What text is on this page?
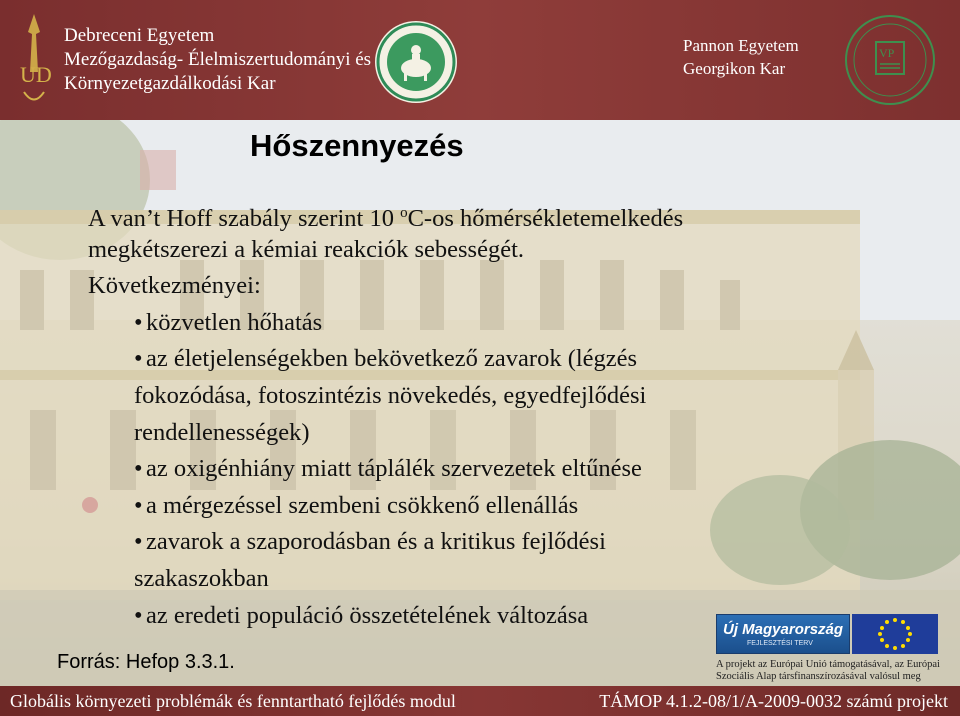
UD
Debreceni Egyetem
Mezőgazdaság- Élelmiszertudományi és
Környezetgazdálkodási Kar
Pannon Egyetem
Georgikon Kar
VP
Hőszennyezés
A van’t Hoff szabály szerint 10 $^o$C-os hőmérsékletemelkedés
megkétszerezi a kémiai reakciók sebességét.
Következményei:
• közvetlen hőhatás
• az életjelenségekben bekövetkező zavarok (légzés
fokozódása, fotoszintézis növekedés, egyedfejlődési
rendellenességek)
• az oxigénhiány miatt táplálék szervezetek eltűnése
• a mérgezéssel szembeni csökkenő ellenállás
• zavarok a szaporodásban és a kritikus fejlődési
szakaszokban
• az eredeti populáció összetételének változása
Forrás: Hefop 3.3.1.
Új Magyarország
FEJLESZTÉSI TERV
A projekt az Európai Unió támogatásával, az Európai
Szociális Alap társfinanszírozásával valósul meg
Globális környezeti problémák és fenntartható fejlődés modul	TÁMOP 4.1.2-08/1/A-2009-0032 számú projekt
